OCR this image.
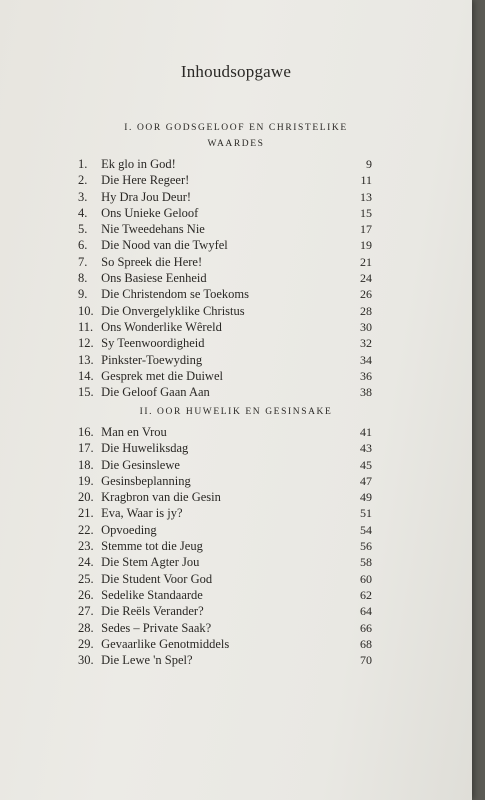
Inhoudsopgawe
I. OOR GODSGELOOF EN CHRISTELIKE
WAARDES
1. Ek glo in God!	9
2. Die Here Regeer!	11
3. Hy Dra Jou Deur!	13
4. Ons Unieke Geloof	15
5. Nie Tweedehans Nie	17
6. Die Nood van die Twyfel	19
7. So Spreek die Here!	21
8. Ons Basiese Eenheid	24
9. Die Christendom se Toekoms	26
10. Die Onvergelyklike Christus	28
11. Ons Wonderlike Wêreld	30
12. Sy Teenwoordigheid	32
13. Pinkster-Toewyding	34
14. Gesprek met die Duiwel	36
15. Die Geloof Gaan Aan	38
II. OOR HUWELIK EN GESINSAKE
16. Man en Vrou	41
17. Die Huweliksdag	43
18. Die Gesinslewe	45
19. Gesinsbeplanning	47
20. Kragbron van die Gesin	49
21. Eva, Waar is jy?	51
22. Opvoeding	54
23. Stemme tot die Jeug	56
24. Die Stem Agter Jou	58
25. Die Student Voor God	60
26. Sedelike Standaarde	62
27. Die Reëls Verander?	64
28. Sedes – Private Saak?	66
29. Gevaarlike Genotmiddels	68
30. Die Lewe 'n Spel?	70
